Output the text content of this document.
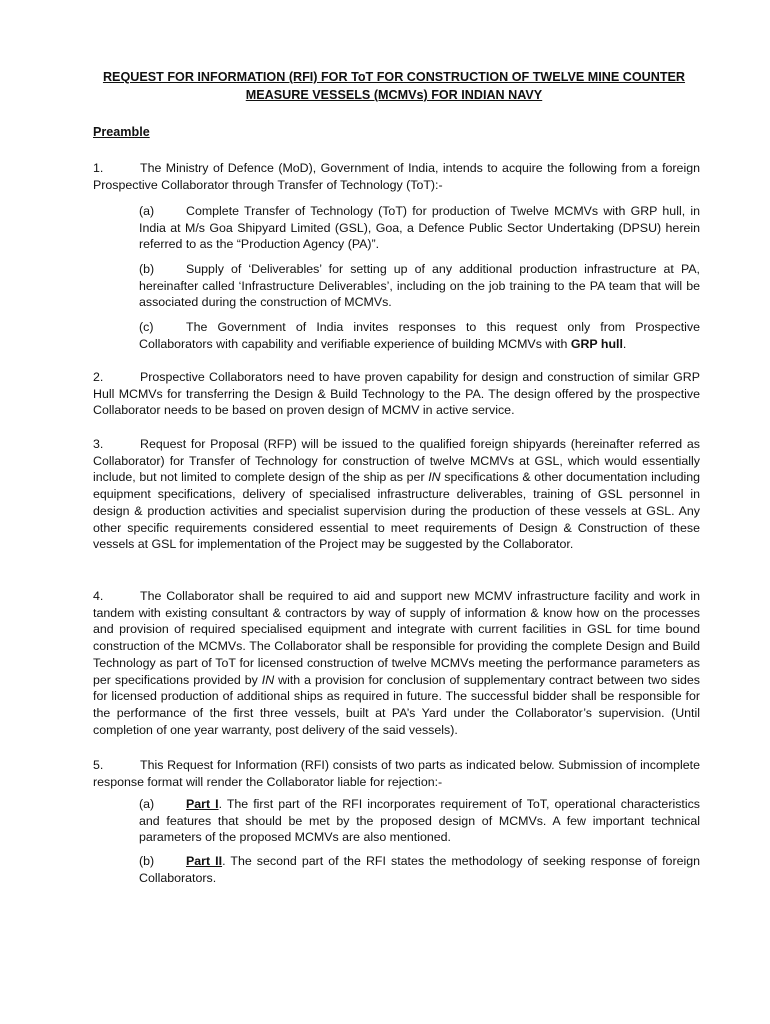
REQUEST FOR INFORMATION (RFI) FOR ToT FOR CONSTRUCTION OF TWELVE MINE COUNTER
MEASURE VESSELS (MCMVs) FOR INDIAN NAVY
Preamble
1.	The Ministry of Defence (MoD), Government of India, intends to acquire the following from a foreign Prospective Collaborator through Transfer of Technology (ToT):-
(a)	Complete Transfer of Technology (ToT) for production of Twelve MCMVs with GRP hull, in India at M/s Goa Shipyard Limited (GSL), Goa, a Defence Public Sector Undertaking (DPSU) herein referred to as the “Production Agency (PA)”.
(b)	Supply of ‘Deliverables’ for setting up of any additional production infrastructure at PA, hereinafter called ‘Infrastructure Deliverables’, including on the job training to the PA team that will be associated during the construction of MCMVs.
(c)	The Government of India invites responses to this request only from Prospective Collaborators with capability and verifiable experience of building MCMVs with GRP hull.
2.	Prospective Collaborators need to have proven capability for design and construction of similar GRP Hull MCMVs for transferring the Design & Build Technology to the PA. The design offered by the prospective Collaborator needs to be based on proven design of MCMV in active service.
3.	Request for Proposal (RFP) will be issued to the qualified foreign shipyards (hereinafter referred as Collaborator) for Transfer of Technology for construction of twelve MCMVs at GSL, which would essentially include, but not limited to complete design of the ship as per IN specifications & other documentation including equipment specifications, delivery of specialised infrastructure deliverables, training of GSL personnel in design & production activities and specialist supervision during the production of these vessels at GSL. Any other specific requirements considered essential to meet requirements of Design & Construction of these vessels at GSL for implementation of the Project may be suggested by the Collaborator.
4.	The Collaborator shall be required to aid and support new MCMV infrastructure facility and work in tandem with existing consultant & contractors by way of supply of information & know how on the processes and provision of required specialised equipment and integrate with current facilities in GSL for time bound construction of the MCMVs. The Collaborator shall be responsible for providing the complete Design and Build Technology as part of ToT for licensed construction of twelve MCMVs meeting the performance parameters as per specifications provided by IN with a provision for conclusion of supplementary contract between two sides for licensed production of additional ships as required in future. The successful bidder shall be responsible for the performance of the first three vessels, built at PA’s Yard under the Collaborator’s supervision. (Until completion of one year warranty, post delivery of the said vessels).
5.	This Request for Information (RFI) consists of two parts as indicated below. Submission of incomplete response format will render the Collaborator liable for rejection:-
(a)	Part I. The first part of the RFI incorporates requirement of ToT, operational characteristics and features that should be met by the proposed design of MCMVs. A few important technical parameters of the proposed MCMVs are also mentioned.
(b)	Part II. The second part of the RFI states the methodology of seeking response of foreign Collaborators.
